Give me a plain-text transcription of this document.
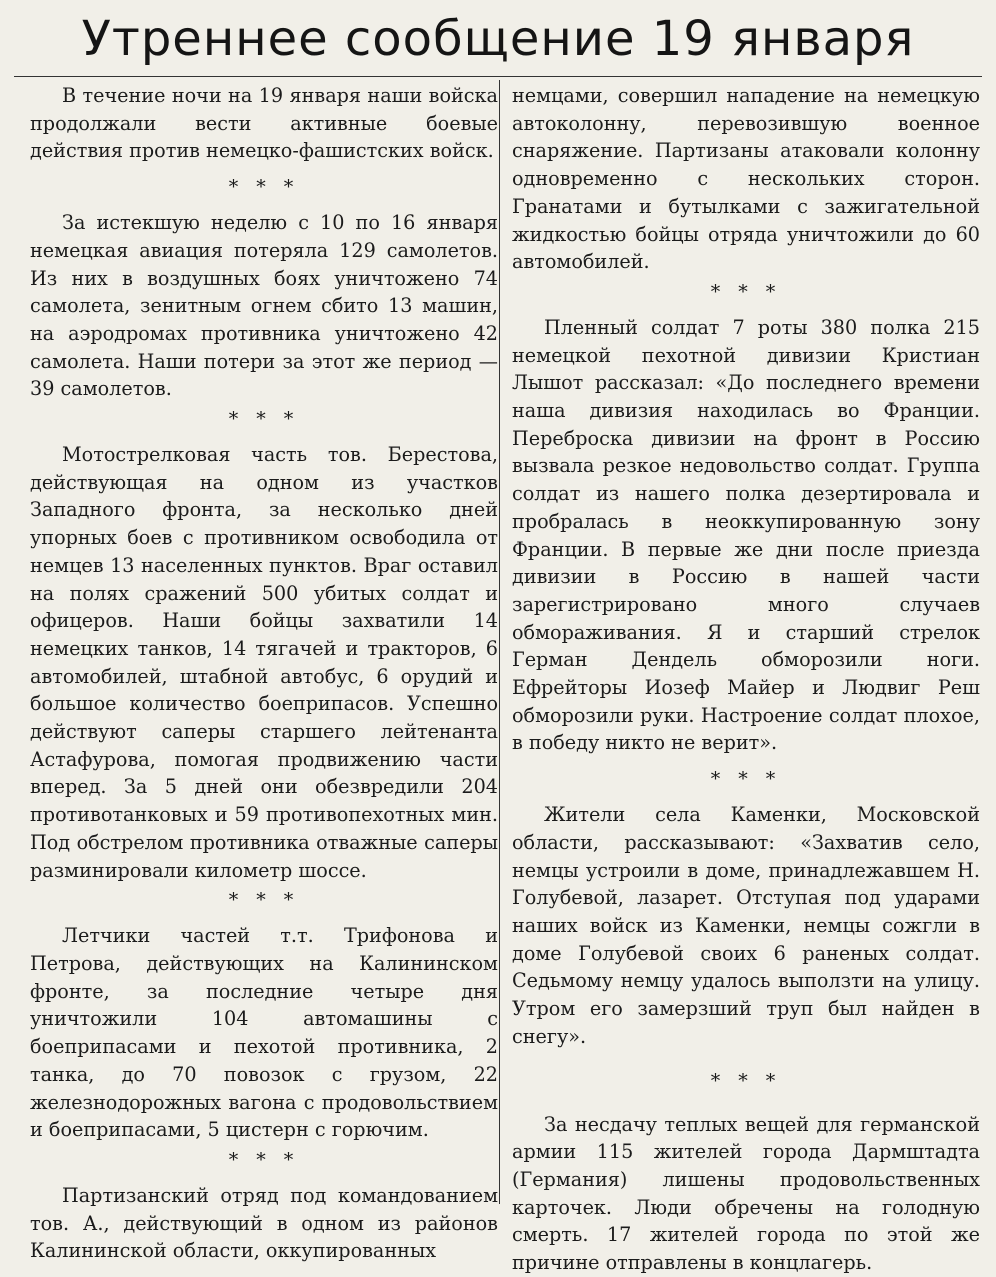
Утреннее сообщение 19 января

В течение ночи на 19 января наши войска продолжали вести активные боевые действия против немецко-фашистских войск.

* * *

За истекшую неделю с 10 по 16 января немецкая авиация потеряла 129 самолетов. Из них в воздушных боях уничтожено 74 самолета, зенитным огнем сбито 13 машин, на аэродромах противника уничтожено 42 самолета. Наши потери за этот же период — 39 самолетов.

* * *

Мотострелковая часть тов. Берестова, действующая на одном из участков Западного фронта, за несколько дней упорных боев с противником освободила от немцев 13 населенных пунктов. Враг оставил на полях сражений 500 убитых солдат и офицеров. Наши бойцы захватили 14 немецких танков, 14 тягачей и тракторов, 6 автомобилей, штабной автобус, 6 орудий и большое количество боеприпасов. Успешно действуют саперы старшего лейтенанта Астафурова, помогая продвижению части вперед. За 5 дней они обезвредили 204 противотанковых и 59 противопехотных мин. Под обстрелом противника отважные саперы разминировали километр шоссе.

* * *

Летчики частей т.т. Трифонова и Петрова, действующих на Калининском фронте, за последние четыре дня уничтожили 104 автомашины с боеприпасами и пехотой противника, 2 танка, до 70 повозок с грузом, 22 железнодорожных вагона с продовольствием и боеприпасами, 5 цистерн с горючим.

* * *

Партизанский отряд под командованием тов. А., действующий в одном из районов Калининской области, оккупированных

немцами, совершил нападение на немецкую автоколонну, перевозившую военное снаряжение. Партизаны атаковали колонну одновременно с нескольких сторон. Гранатами и бутылками с зажигательной жидкостью бойцы отряда уничтожили до 60 автомобилей.

* * *

Пленный солдат 7 роты 380 полка 215 немецкой пехотной дивизии Кристиан Лышот рассказал: «До последнего времени наша дивизия находилась во Франции. Переброска дивизии на фронт в Россию вызвала резкое недовольство солдат. Группа солдат из нашего полка дезертировала и пробралась в неоккупированную зону Франции. В первые же дни после приезда дивизии в Россию в нашей части зарегистрировано много случаев обмораживания. Я и старший стрелок Герман Дендель обморозили ноги. Ефрейторы Иозеф Майер и Людвиг Реш обморозили руки. Настроение солдат плохое, в победу никто не верит».

* * *

Жители села Каменки, Московской области, рассказывают: «Захватив село, немцы устроили в доме, принадлежавшем Н. Голубевой, лазарет. Отступая под ударами наших войск из Каменки, немцы сожгли в доме Голубевой своих 6 раненых солдат. Седьмому немцу удалось выползти на улицу. Утром его замерзший труп был найден в снегу».

* * *

За несдачу теплых вещей для германской армии 115 жителей города Дармштадта (Германия) лишены продовольственных карточек. Люди обречены на голодную смерть. 17 жителей города по этой же причине отправлены в концлагерь.
